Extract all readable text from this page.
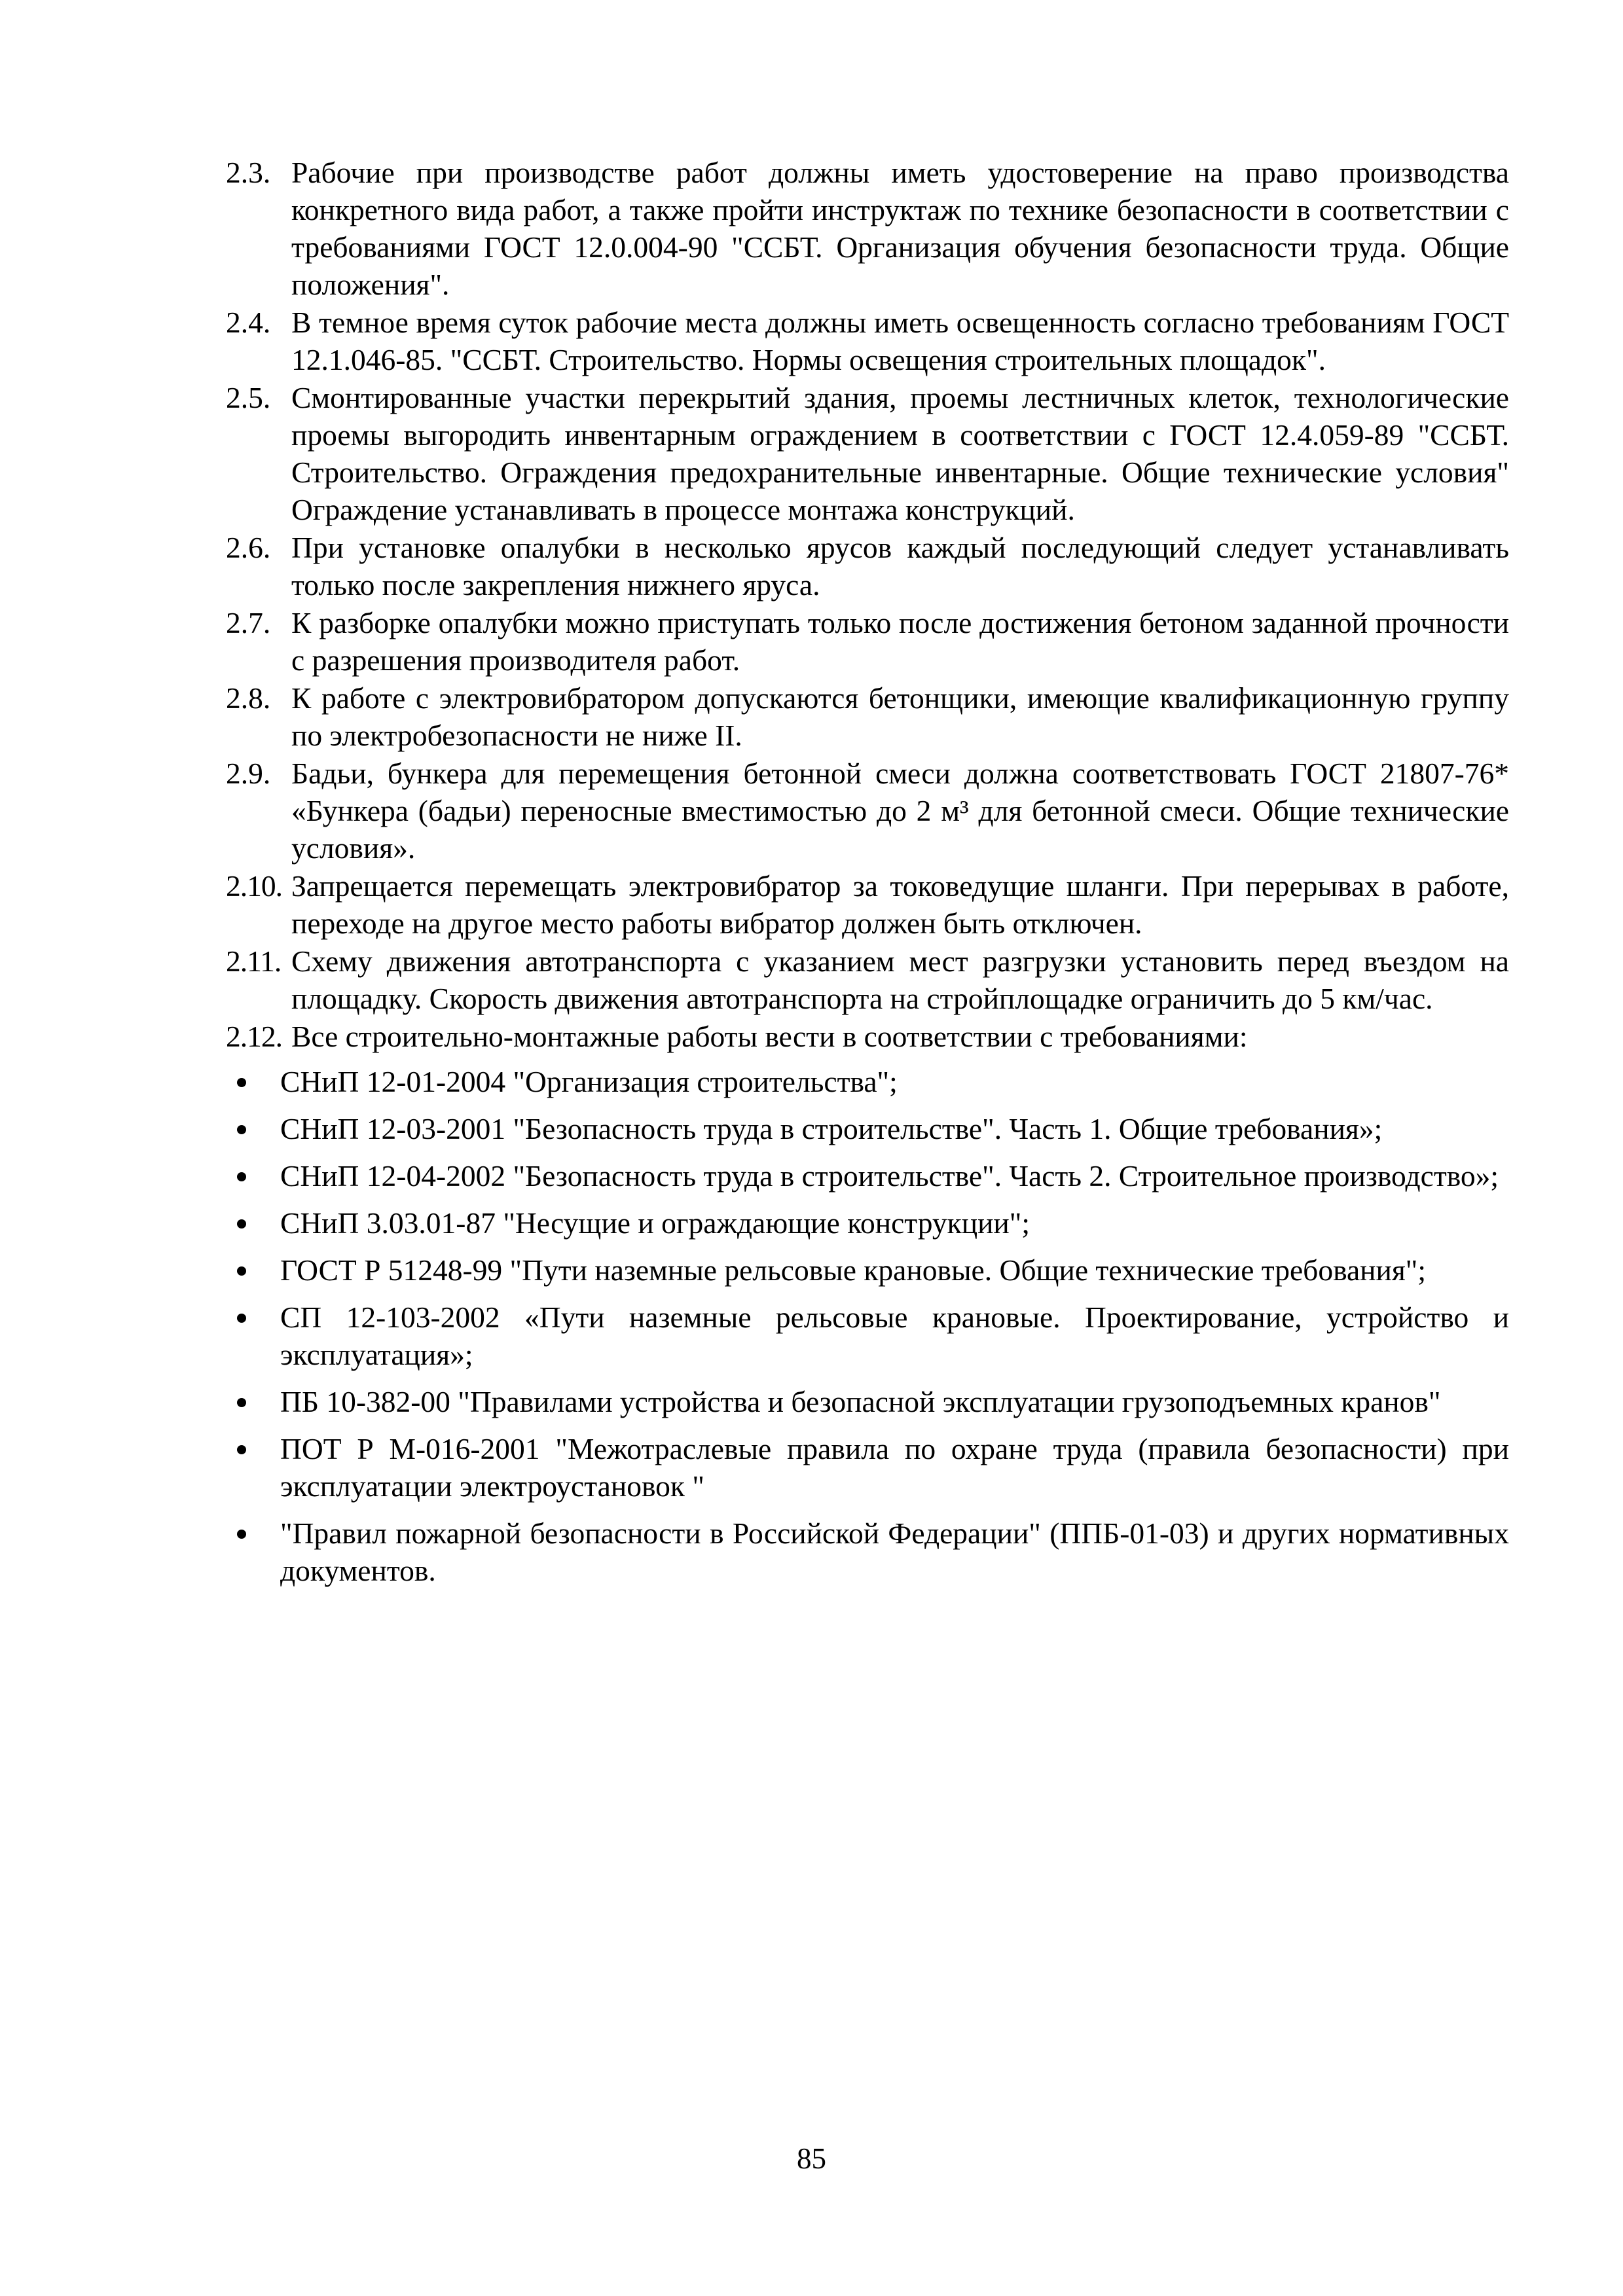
2.3. Рабочие при производстве работ должны иметь удостоверение на право производства конкретного вида работ, а также пройти инструктаж по технике безопасности в соответствии с требованиями ГОСТ 12.0.004-90 "ССБТ. Организация обучения безопасности труда. Общие положения".
2.4. В темное время суток рабочие места должны иметь освещенность согласно требованиям ГОСТ 12.1.046-85. "ССБТ. Строительство. Нормы освещения строительных площадок".
2.5. Смонтированные участки перекрытий здания, проемы лестничных клеток, технологические проемы выгородить инвентарным ограждением в соответствии с ГОСТ 12.4.059-89 "ССБТ. Строительство. Ограждения предохранительные инвентарные. Общие технические условия" Ограждение устанавливать в процессе монтажа конструкций.
2.6. При установке опалубки в несколько ярусов каждый последующий следует устанавливать только после закрепления нижнего яруса.
2.7. К разборке опалубки можно приступать только после достижения бетоном заданной прочности с разрешения производителя работ.
2.8. К работе с электровибратором допускаются бетонщики, имеющие квалификационную группу по электробезопасности не ниже II.
2.9. Бадьи, бункера для перемещения бетонной смеси должна соответствовать ГОСТ 21807-76* «Бункера (бадьи) переносные вместимостью до 2 м³ для бетонной смеси. Общие технические условия».
2.10. Запрещается перемещать электровибратор за токоведущие шланги. При перерывах в работе, переходе на другое место работы вибратор должен быть отключен.
2.11. Схему движения автотранспорта с указанием мест разгрузки установить перед въездом на площадку. Скорость движения автотранспорта на стройплощадке ограничить до 5 км/час.
2.12. Все строительно-монтажные работы вести в соответствии с требованиями:
СНиП 12-01-2004 "Организация строительства";
СНиП 12-03-2001 "Безопасность труда в строительстве". Часть 1. Общие требования»;
СНиП 12-04-2002 "Безопасность труда в строительстве". Часть 2. Строительное производство»;
СНиП 3.03.01-87 "Несущие и ограждающие конструкции";
ГОСТ Р 51248-99 "Пути наземные рельсовые крановые. Общие технические требования";
СП 12-103-2002 «Пути наземные рельсовые крановые. Проектирование, устройство и эксплуатация»;
ПБ 10-382-00 "Правилами устройства и безопасной эксплуатации грузоподъемных кранов"
ПОТ Р М-016-2001 "Межотраслевые правила по охране труда (правила безопасности) при эксплуатации электроустановок "
"Правил пожарной безопасности в Российской Федерации" (ППБ-01-03) и других нормативных документов.
85
